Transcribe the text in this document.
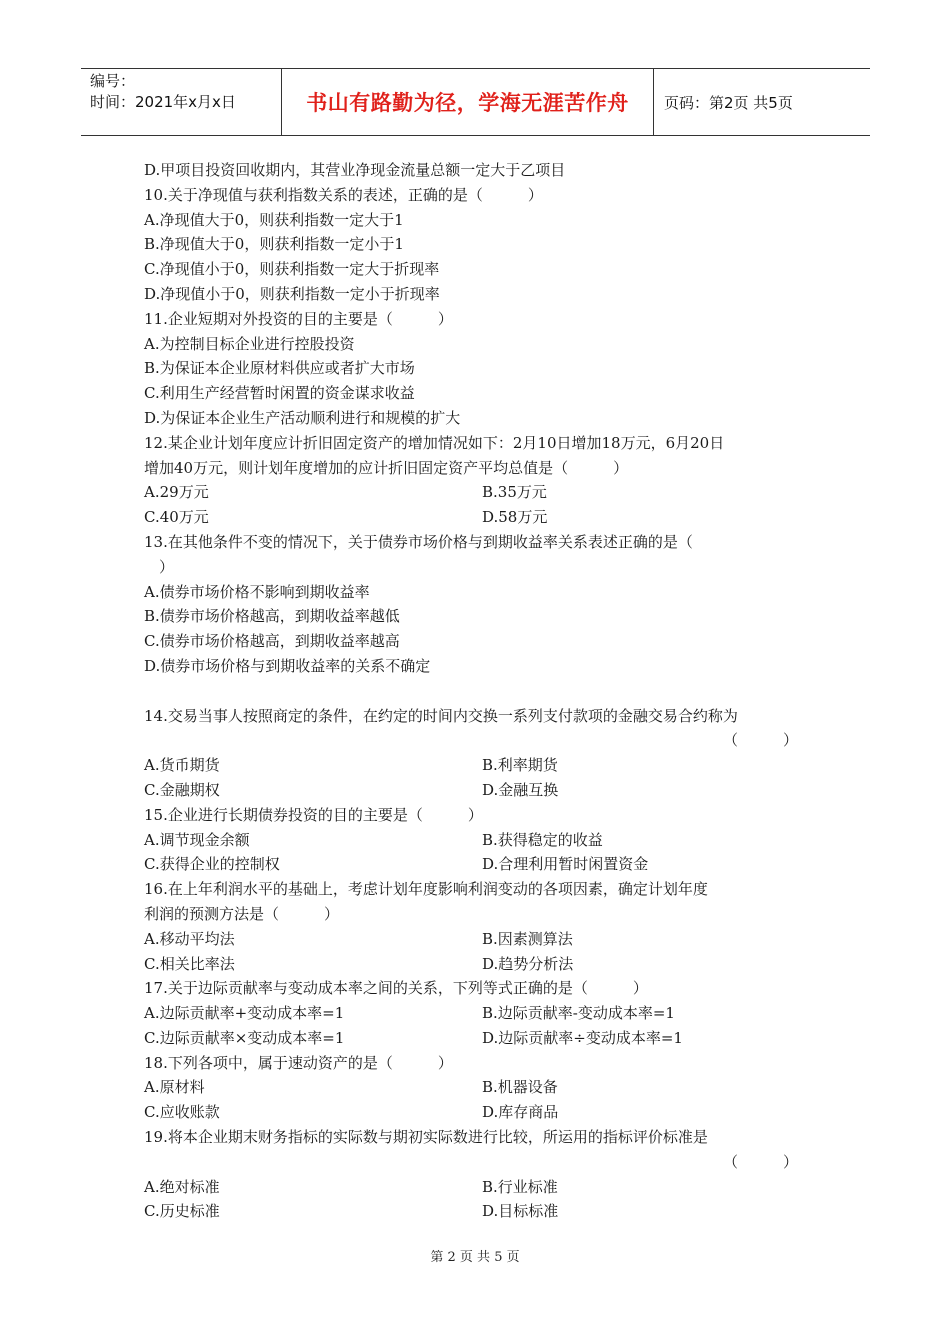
编号：
时间：2021年x月x日	书山有路勤为径，学海无涯苦作舟	页码：第2页 共5页
D.甲项目投资回收期内，其营业净现金流量总额一定大于乙项目
10.关于净现值与获利指数关系的表述，正确的是（　　　）
A.净现值大于0，则获利指数一定大于1
B.净现值大于0，则获利指数一定小于1
C.净现值小于0，则获利指数一定大于折现率
D.净现值小于0，则获利指数一定小于折现率
11.企业短期对外投资的目的主要是（　　　）
A.为控制目标企业进行控股投资
B.为保证本企业原材料供应或者扩大市场
C.利用生产经营暂时闲置的资金谋求收益
D.为保证本企业生产活动顺利进行和规模的扩大
12.某企业计划年度应计折旧固定资产的增加情况如下：2月10日增加18万元，6月20日
增加40万元，则计划年度增加的应计折旧固定资产平均总值是（　　　）
A.29万元	B.35万元
C.40万元	D.58万元
13.在其他条件不变的情况下，关于债券市场价格与到期收益率关系表述正确的是（
　）
A.债券市场价格不影响到期收益率
B.债券市场价格越高，到期收益率越低
C.债券市场价格越高，到期收益率越高
D.债券市场价格与到期收益率的关系不确定
14.交易当事人按照商定的条件，在约定的时间内交换一系列支付款项的金融交易合约称为
（　　　）
A.货币期货	B.利率期货
C.金融期权	D.金融互换
15.企业进行长期债券投资的目的主要是（　　　）
A.调节现金余额	B.获得稳定的收益
C.获得企业的控制权	D.合理利用暂时闲置资金
16.在上年利润水平的基础上，考虑计划年度影响利润变动的各项因素，确定计划年度
利润的预测方法是（　　　）
A.移动平均法	B.因素测算法
C.相关比率法	D.趋势分析法
17.关于边际贡献率与变动成本率之间的关系，下列等式正确的是（　　　）
A.边际贡献率+变动成本率=1	B.边际贡献率-变动成本率=1
C.边际贡献率×变动成本率=1	D.边际贡献率÷变动成本率=1
18.下列各项中，属于速动资产的是（　　　）
A.原材料	B.机器设备
C.应收账款	D.库存商品
19.将本企业期末财务指标的实际数与期初实际数进行比较，所运用的指标评价标准是
（　　　）
A.绝对标准	B.行业标准
C.历史标准	D.目标标准
第 2 页 共 5 页
